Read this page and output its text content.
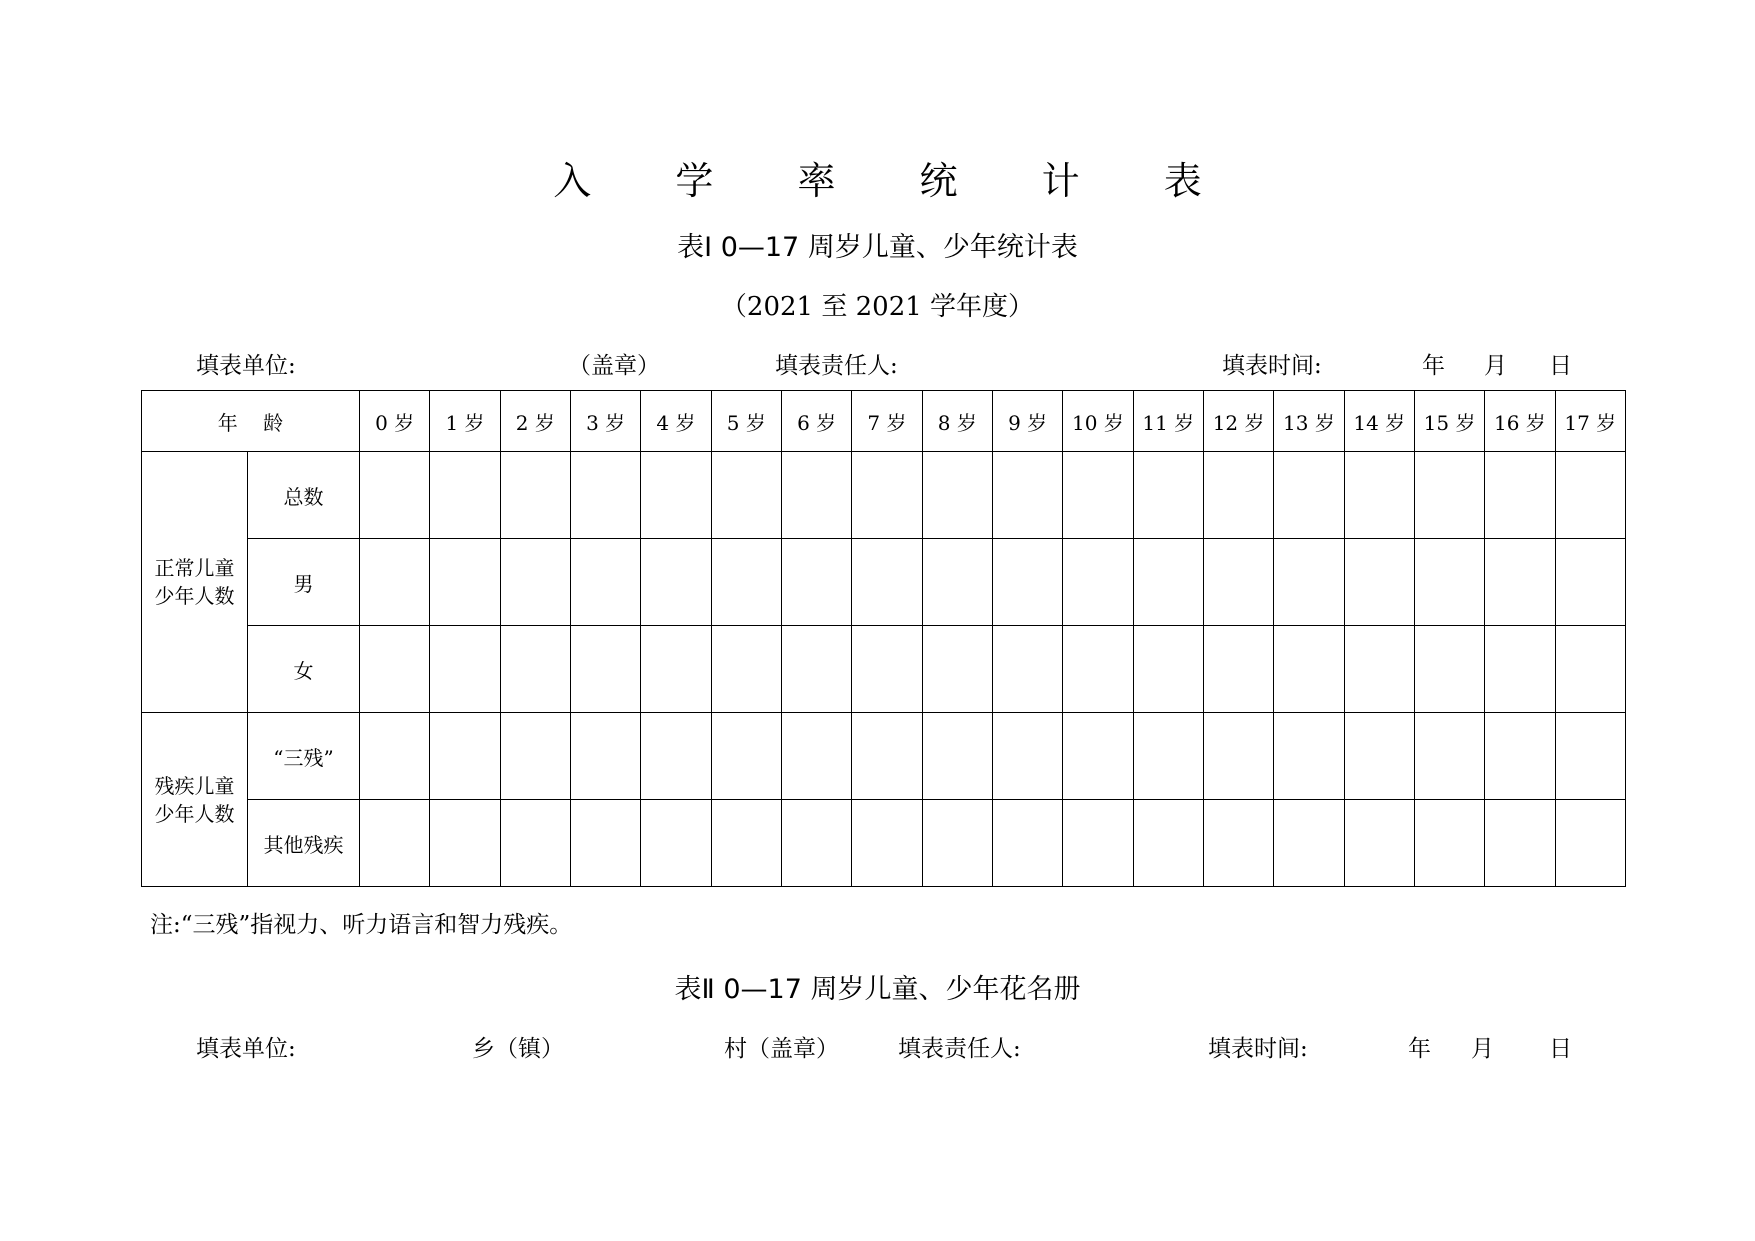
入 学 率 统 计 表
表Ⅰ 0—17 周岁儿童、少年统计表
（2021 至 2021 学年度）
填表单位:	（盖章）	填表责任人:	填表时间:	年 月 日
年    龄		0 岁	1 岁	2 岁	3 岁	4 岁	5 岁	6 岁	7 岁	8 岁	9 岁	10 岁	11 岁	12 岁	13 岁	14 岁	15 岁	16 岁	17 岁
正常儿童少年人数	总数																		
	男																		
	女																		
残疾儿童少年人数	“三残”																		
	其他残疾																		
注:“三残”指视力、听力语言和智力残疾。
表Ⅱ 0—17 周岁儿童、少年花名册
填表单位:	乡（镇）	村（盖章）	填表责任人:	填表时间:	年 月 日
